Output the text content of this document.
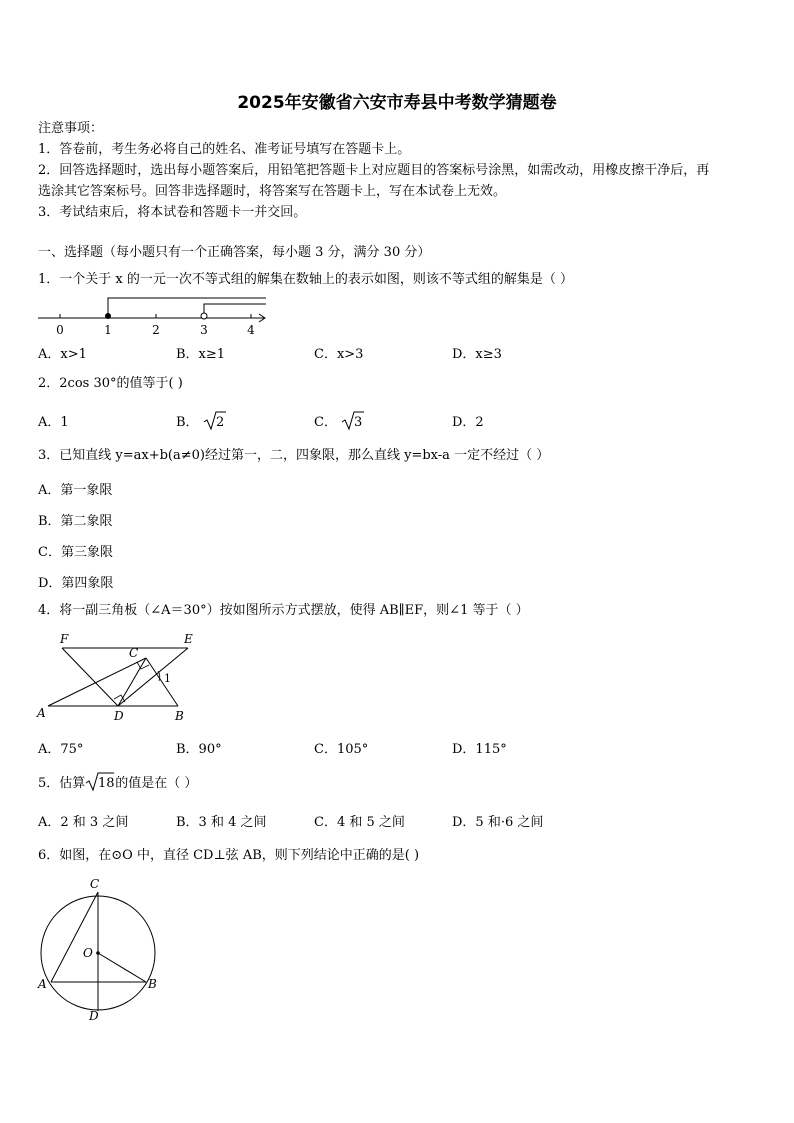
2025年安徽省六安市寿县中考数学猜题卷
注意事项：
1．答卷前，考生务必将自己的姓名、准考证号填写在答题卡上。
2．回答选择题时，选出每小题答案后，用铅笔把答题卡上对应题目的答案标号涂黑，如需改动，用橡皮擦干净后，再
选涂其它答案标号。回答非选择题时，将答案写在答题卡上，写在本试卷上无效。
3．考试结束后，将本试卷和答题卡一并交回。
一、选择题（每小题只有一个正确答案，每小题 3 分，满分 30 分）
1．一个关于 x 的一元一次不等式组的解集在数轴上的表示如图，则该不等式组的解集是（ ）
0	1	2	3	4
A．x>1	B．x≥1	C．x>3	D．x≥3
2．2cos 30°的值等于( )
A．1	B． 2	C． 3	D．2
3．已知直线 y=ax+b(a≠0)经过第一，二，四象限，那么直线 y=bx-a 一定不经过（ ）
A．第一象限
B．第二象限
C．第三象限
D．第四象限
4．将一副三角板（∠A＝30°）按如图所示方式摆放，使得 AB∥EF，则∠1 等于（ ）
F	E
C
1
A	D	B
A．75°	B．90°	C．105°	D．115°
5．估算 18 的值是在（ ）
A．2 和 3 之间	B．3 和 4 之间	C．4 和 5 之间	D．5 和·6 之间
6．如图，在⊙O 中，直径 CD⊥弦 AB，则下列结论中正确的是( )
C
O
A	B
D
